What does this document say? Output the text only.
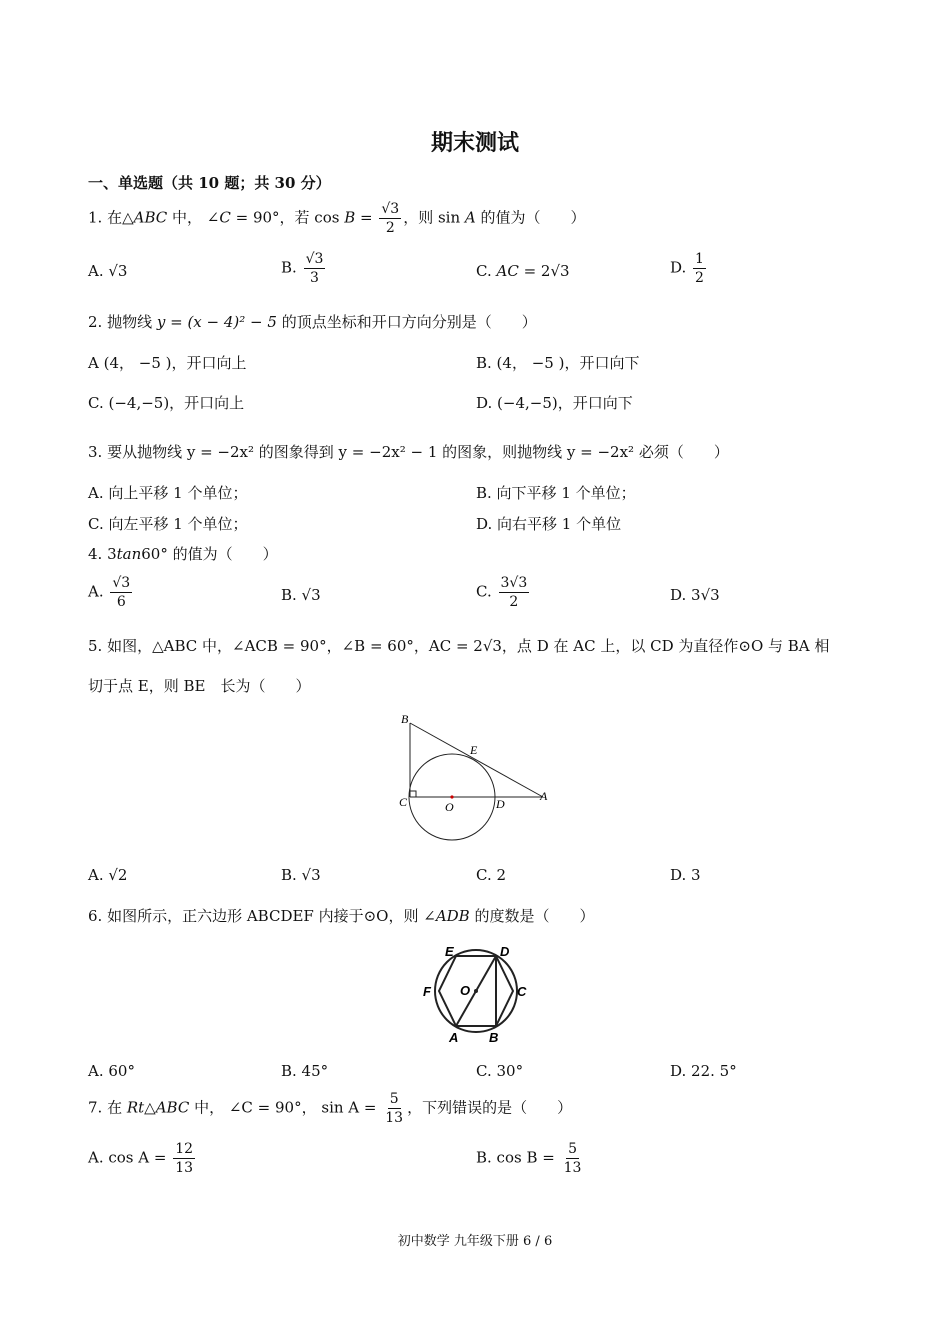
期末测试
一、单选题（共 10 题；共 30 分）
1. 在△ABC 中， ∠C = 90°，若 $\cos B = \frac{√3}{2}$ ，则 sin A 的值为（　　）
A. √3	B. $\frac{√3}{3}$	C. AC = 2√3	D. $\frac{1}{2}$
2. 抛物线 y = (x − 4)² − 5 的顶点坐标和开口方向分别是（　　）
A (4， −5 )，开口向上	B. (4， −5 )，开口向下
C. (−4,−5)，开口向上	D. (−4,−5)，开口向下
3. 要从抛物线 y = −2x² 的图象得到 y = −2x² − 1 的图象，则抛物线 y = −2x² 必须（　　）
A. 向上平移 1 个单位；	B. 向下平移 1 个单位；
C. 向左平移 1 个单位；	D. 向右平移 1 个单位
4. 3tan60° 的值为（　　）
A. $\frac{√3}{6}$	B. √3	C. $\frac{3√3}{2}$	D. 3√3
5. 如图，△ABC 中，∠ACB = 90°，∠B = 60°，AC = 2√3，点 D 在 AC 上，以 CD 为直径作⊙O 与 BA 相
切于点 E，则 BE　长为（　　）
B
E
C	O	D
A
A. √2	B. √3	C. 2	D. 3
6. 如图所示，正六边形 ABCDEF 内接于⊙O，则 ∠ADB 的度数是（　　）
E	D
F O	C
A B
A. 60°	B. 45°	C. 30°	D. 22. 5°
7. 在 Rt△ABC 中， ∠C = 90°， $\sin A = \frac{5}{13}$ ，下列错误的是（　　）
A. $\cos A = \frac{12}{13}$	B. $\cos B = \frac{5}{13}$
初中数学 九年级下册 6 / 6
